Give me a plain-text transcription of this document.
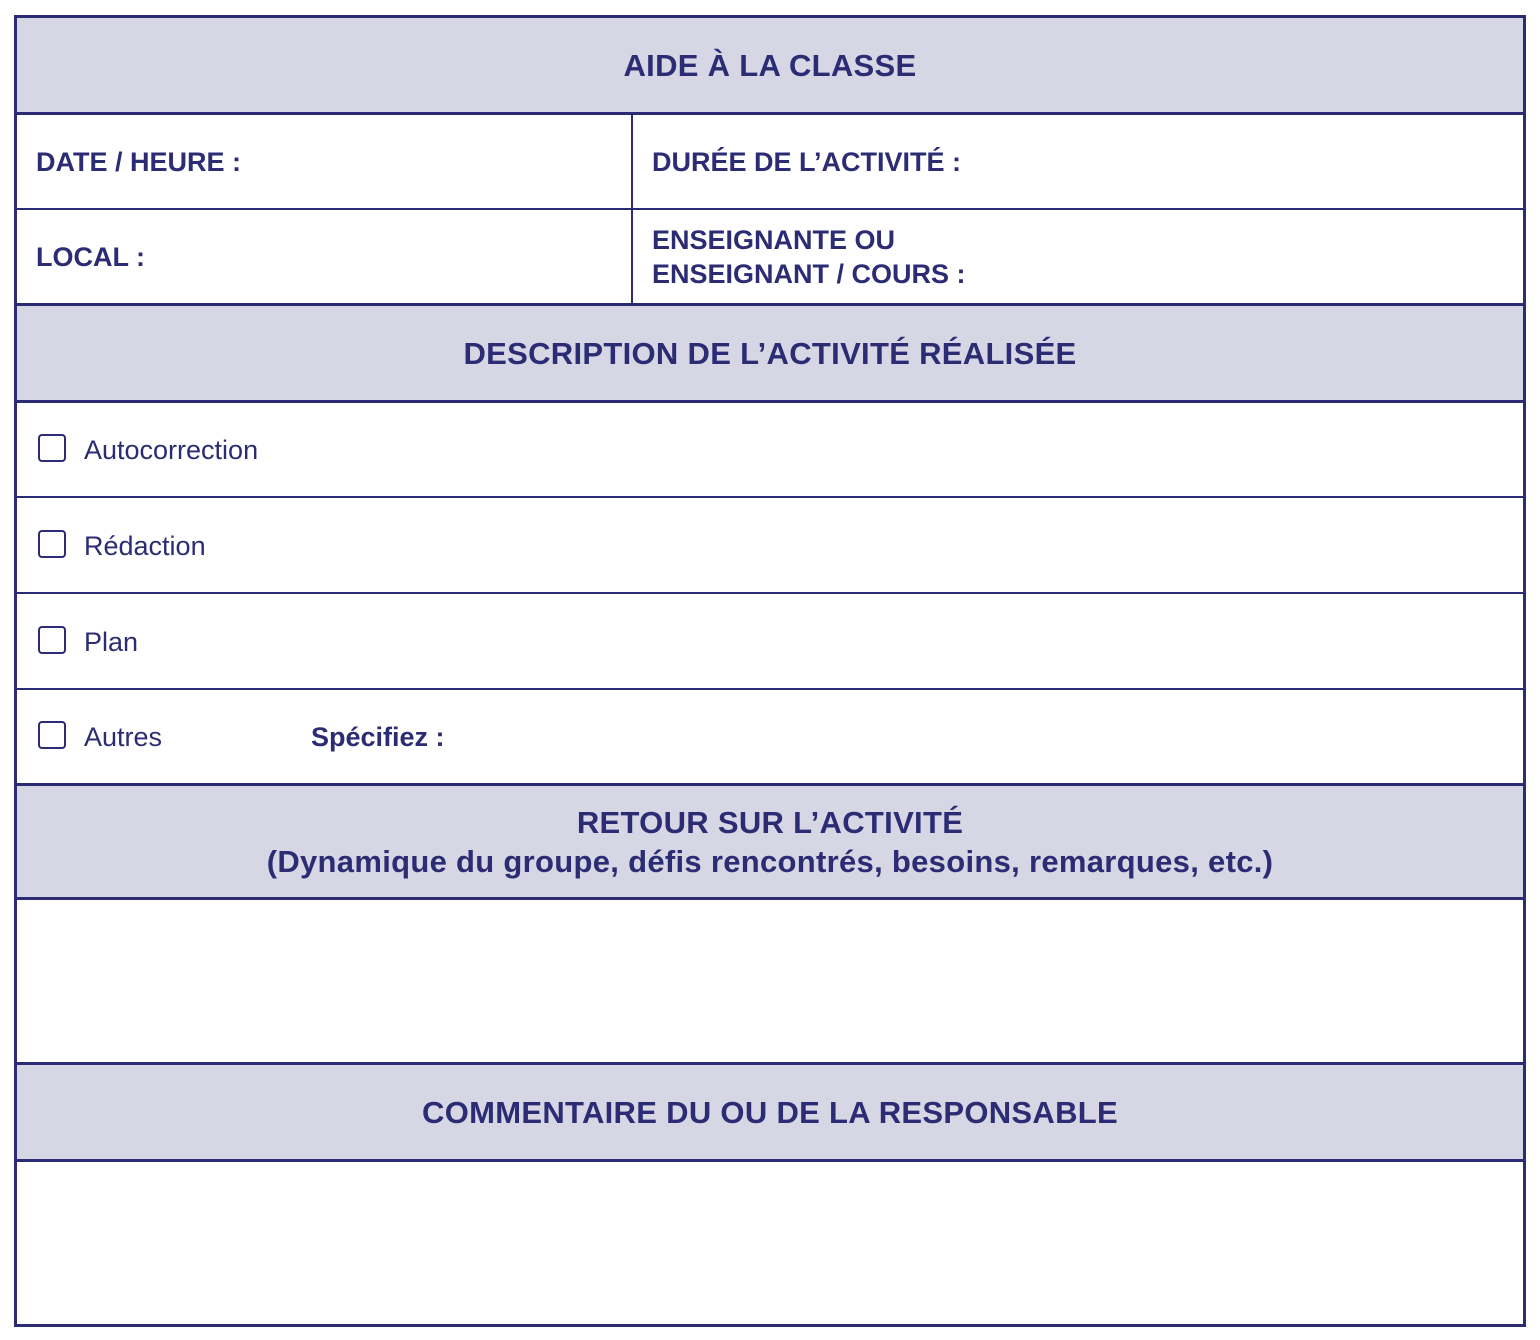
AIDE À LA CLASSE
DATE / HEURE :	DURÉE DE L’ACTIVITÉ :
LOCAL :
ENSEIGNANTE OU
ENSEIGNANT / COURS :
DESCRIPTION DE L’ACTIVITÉ RÉALISÉE
Autocorrection
Rédaction
Plan
Autres	Spécifiez :
RETOUR SUR L’ACTIVITÉ
(Dynamique du groupe, défis rencontrés, besoins, remarques, etc.)
COMMENTAIRE DU OU DE LA RESPONSABLE
